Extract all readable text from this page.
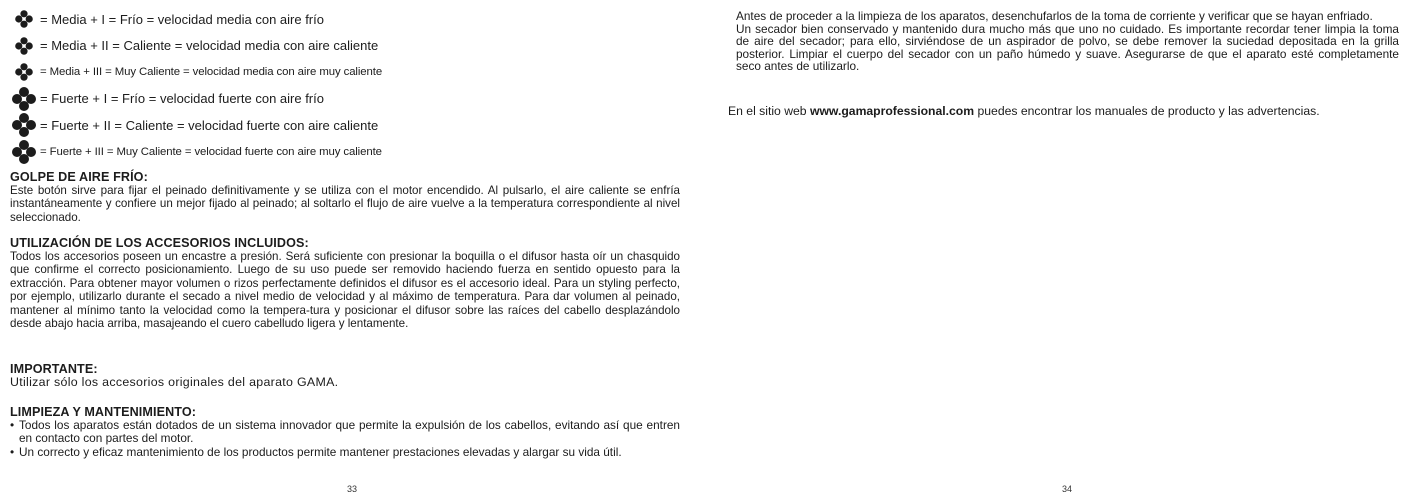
= Media + I = Frío = velocidad media con aire frío
= Media + II = Caliente = velocidad media con aire caliente
= Media + III = Muy Caliente = velocidad media con aire muy caliente
= Fuerte + I = Frío = velocidad fuerte con aire frío
= Fuerte + II = Caliente = velocidad fuerte con aire caliente
= Fuerte + III = Muy Caliente = velocidad fuerte con aire muy caliente
GOLPE DE AIRE FRÍO:

Este botón sirve para fijar el peinado definitivamente y se utiliza con el motor encendido. Al pulsarlo, el aire caliente se enfría instantáneamente y confiere un mejor fijado al peinado; al soltarlo el flujo de aire vuelve a la temperatura correspondiente al nivel seleccionado.

UTILIZACIÓN DE LOS ACCESORIOS INCLUIDOS:

Todos los accesorios poseen un encastre a presión. Será suficiente con presionar la boquilla o el difusor hasta oír un chasquido que confirme el correcto posicionamiento. Luego de su uso puede ser removido haciendo fuerza en sentido opuesto para la extracción. Para obtener mayor volumen o rizos perfectamente definidos el difusor es el accesorio ideal. Para un styling perfecto, por ejemplo, utilizarlo durante el secado a nivel medio de velocidad y al máximo de temperatura. Para dar volumen al peinado, mantener al mínimo tanto la velocidad como la tempera-tura y posicionar el difusor sobre las raíces del cabello desplazándolo desde abajo hacia arriba, masajeando el cuero cabelludo ligera y lentamente.

IMPORTANTE:

Utilizar sólo los accesorios originales del aparato GAMA.

LIMPIEZA Y MANTENIMIENTO:
• Todos los aparatos están dotados de un sistema innovador que permite la expulsión de los cabellos, evitando así que entren en contacto con partes del motor.
• Un correcto y eficaz mantenimiento de los productos permite mantener prestaciones elevadas y alargar su vida útil.
33

Antes de proceder a la limpieza de los aparatos, desenchufarlos de la toma de corriente y verificar que se hayan enfriado.

Un secador bien conservado y mantenido dura mucho más que uno no cuidado. Es importante recordar tener limpia la toma de aire del secador; para ello, sirviéndose de un aspirador de polvo, se debe remover la suciedad depositada en la grilla posterior. Limpiar el cuerpo del secador con un paño húmedo y suave. Asegurarse de que el aparato esté completamente seco antes de utilizarlo.

En el sitio web www.gamaprofessional.com puedes encontrar los manuales de producto y las advertencias.

34
